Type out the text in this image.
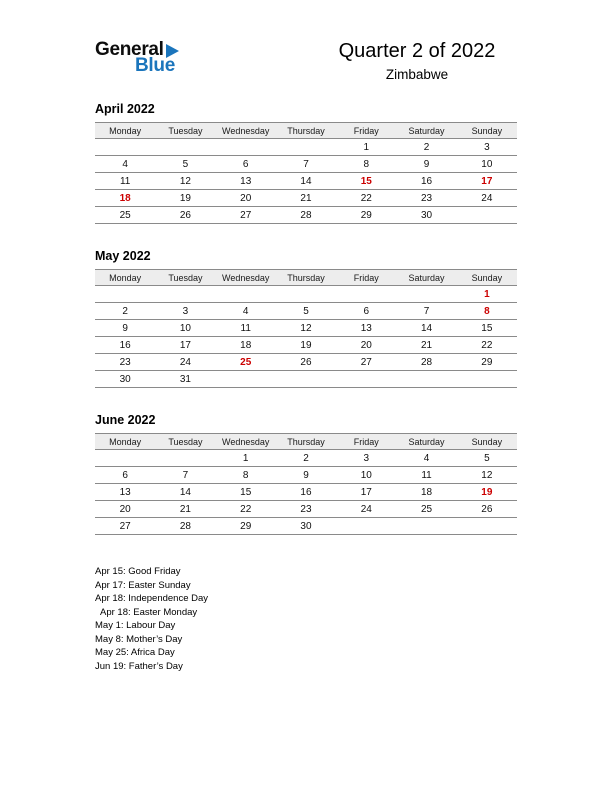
General
Blue
Quarter 2 of 2022
Zimbabwe
April 2022
Monday	Tuesday	Wednesday	Thursday	Friday	Saturday	Sunday
				1	2	3
4	5	6	7	8	9	10
11	12	13	14	15	16	17
18	19	20	21	22	23	24
25	26	27	28	29	30	
May 2022
Monday	Tuesday	Wednesday	Thursday	Friday	Saturday	Sunday
						1
2	3	4	5	6	7	8
9	10	11	12	13	14	15
16	17	18	19	20	21	22
23	24	25	26	27	28	29
30	31					
June 2022
Monday	Tuesday	Wednesday	Thursday	Friday	Saturday	Sunday
		1	2	3	4	5
6	7	8	9	10	11	12
13	14	15	16	17	18	19
20	21	22	23	24	25	26
27	28	29	30			
Apr 15: Good Friday
Apr 17: Easter Sunday
Apr 18: Independence Day
Apr 18: Easter Monday
May 1: Labour Day
May 8: Mother’s Day
May 25: Africa Day
Jun 19: Father’s Day
